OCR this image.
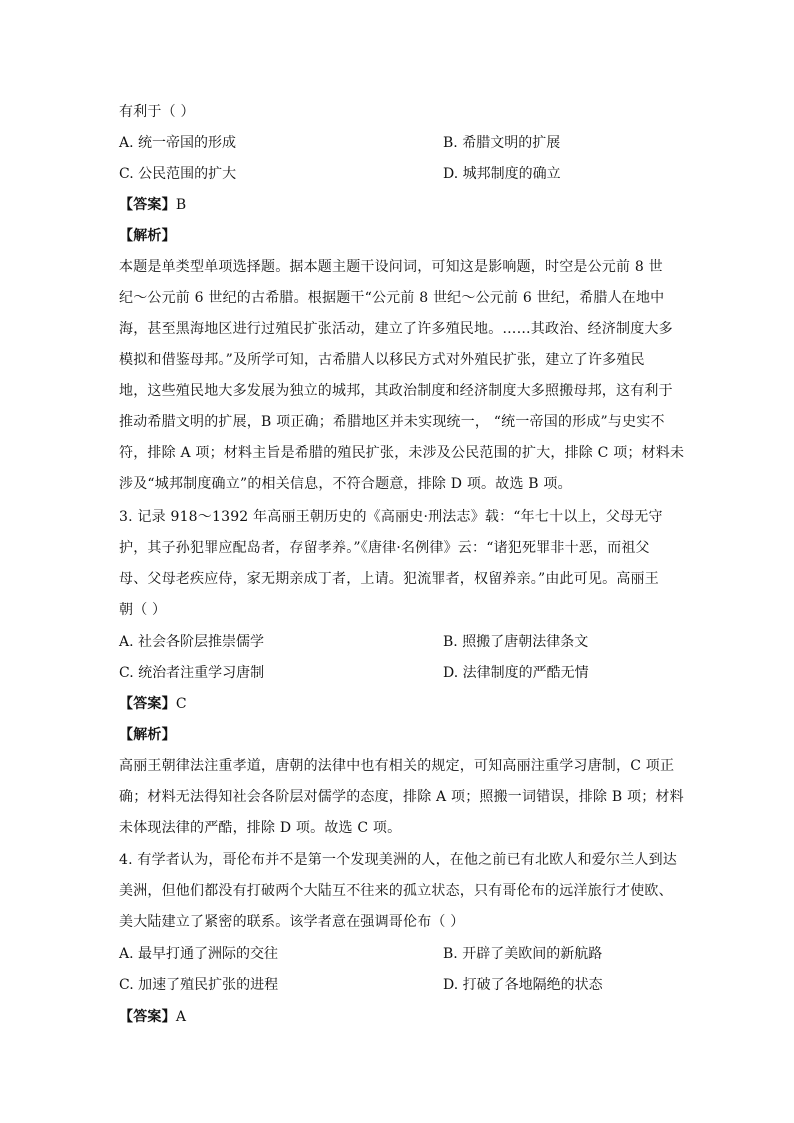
有利于（ ）
A. 统一帝国的形成	B. 希腊文明的扩展
C. 公民范围的扩大	D. 城邦制度的确立
【答案】B
【解析】
本题是单类型单项选择题。据本题主题干设问词，可知这是影响题，时空是公元前 8 世
纪～公元前 6 世纪的古希腊。根据题干“公元前 8 世纪～公元前 6 世纪，希腊人在地中
海，甚至黑海地区进行过殖民扩张活动，建立了许多殖民地。……其政治、经济制度大多
模拟和借鉴母邦。”及所学可知，古希腊人以移民方式对外殖民扩张，建立了许多殖民
地，这些殖民地大多发展为独立的城邦，其政治制度和经济制度大多照搬母邦，这有利于
推动希腊文明的扩展，B 项正确；希腊地区并未实现统一， “统一帝国的形成”与史实不
符，排除 A 项；材料主旨是希腊的殖民扩张，未涉及公民范围的扩大，排除 C 项；材料未
涉及“城邦制度确立”的相关信息，不符合题意，排除 D 项。故选 B 项。
3. 记录 918～1392 年高丽王朝历史的《高丽史·刑法志》载：“年七十以上，父母无守
护，其子孙犯罪应配岛者，存留孝养。”《唐律·名例律》云：“诸犯死罪非十恶，而祖父
母、父母老疾应侍，家无期亲成丁者，上请。犯流罪者，权留养亲。”由此可见。高丽王
朝（ ）
A. 社会各阶层推崇儒学	B. 照搬了唐朝法律条文
C. 统治者注重学习唐制	D. 法律制度的严酷无情
【答案】C
【解析】
高丽王朝律法注重孝道，唐朝的法律中也有相关的规定，可知高丽注重学习唐制，C 项正
确；材料无法得知社会各阶层对儒学的态度，排除 A 项；照搬一词错误，排除 B 项；材料
未体现法律的严酷，排除 D 项。故选 C 项。
4. 有学者认为，哥伦布并不是第一个发现美洲的人，在他之前已有北欧人和爱尔兰人到达
美洲，但他们都没有打破两个大陆互不往来的孤立状态，只有哥伦布的远洋旅行才使欧、
美大陆建立了紧密的联系。该学者意在强调哥伦布（ ）
A. 最早打通了洲际的交往	B. 开辟了美欧间的新航路
C. 加速了殖民扩张的进程	D. 打破了各地隔绝的状态
【答案】A
